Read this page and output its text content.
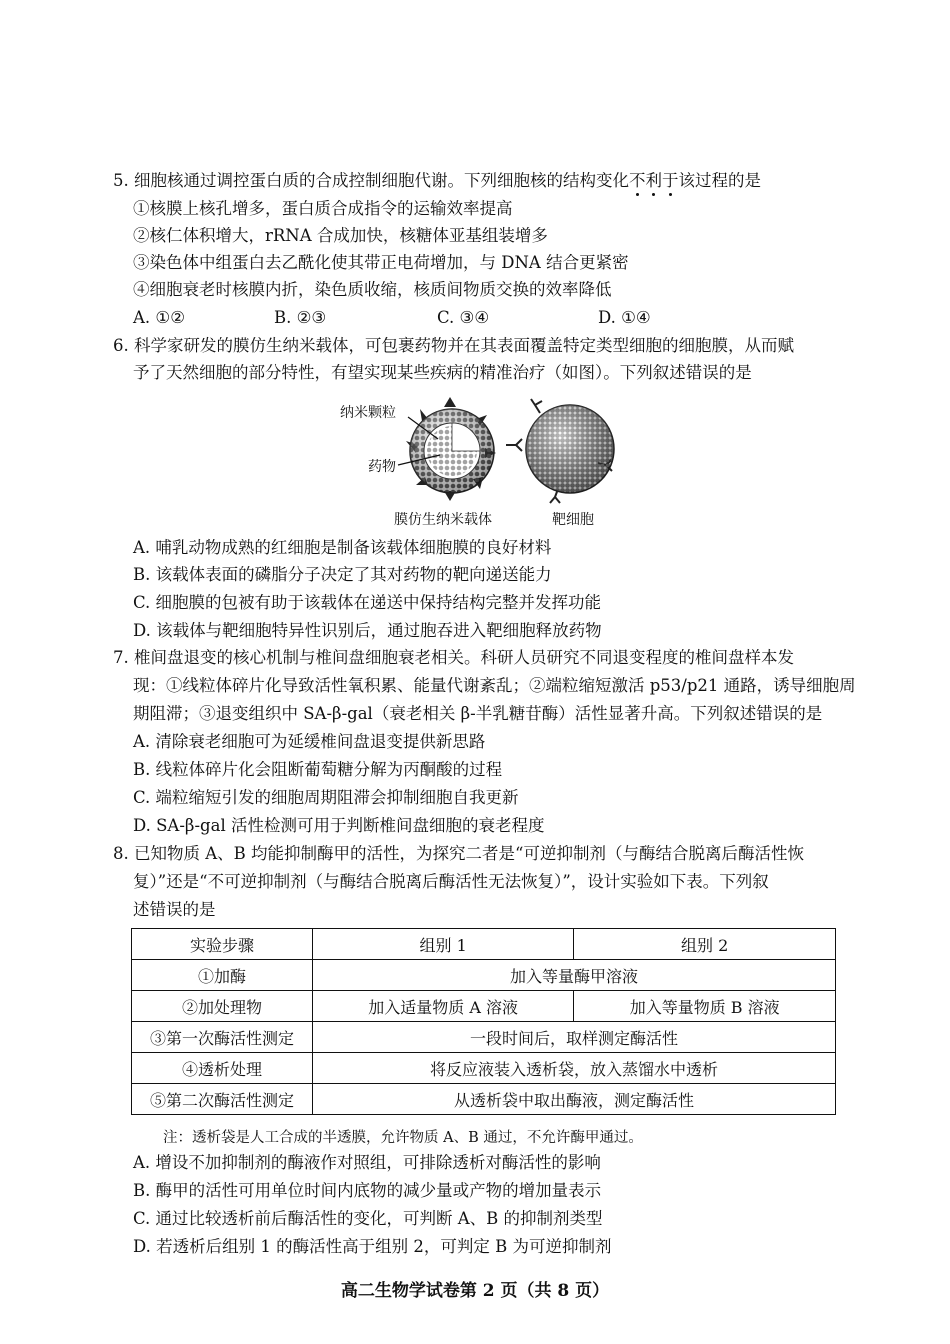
5. 细胞核通过调控蛋白质的合成控制细胞代谢。下列细胞核的结构变化不利于该过程的是
①核膜上核孔增多，蛋白质合成指令的运输效率提高
②核仁体积增大，rRNA 合成加快，核糖体亚基组装增多
③染色体中组蛋白去乙酰化使其带正电荷增加，与 DNA 结合更紧密
④细胞衰老时核膜内折，染色质收缩，核质间物质交换的效率降低
A. ①②	B. ②③	C. ③④	D. ①④
6. 科学家研发的膜仿生纳米载体，可包裹药物并在其表面覆盖特定类型细胞的细胞膜，从而赋
予了天然细胞的部分特性，有望实现某些疾病的精准治疗（如图）。下列叙述错误的是
纳米颗粒
药物
膜仿生纳米载体	靶细胞
A. 哺乳动物成熟的红细胞是制备该载体细胞膜的良好材料
B. 该载体表面的磷脂分子决定了其对药物的靶向递送能力
C. 细胞膜的包被有助于该载体在递送中保持结构完整并发挥功能
D. 该载体与靶细胞特异性识别后，通过胞吞进入靶细胞释放药物
7. 椎间盘退变的核心机制与椎间盘细胞衰老相关。科研人员研究不同退变程度的椎间盘样本发
现：①线粒体碎片化导致活性氧积累、能量代谢紊乱；②端粒缩短激活 p53/p21 通路，诱导细胞周
期阻滞；③退变组织中 SA-β-gal（衰老相关 β-半乳糖苷酶）活性显著升高。下列叙述错误的是
A. 清除衰老细胞可为延缓椎间盘退变提供新思路
B. 线粒体碎片化会阻断葡萄糖分解为丙酮酸的过程
C. 端粒缩短引发的细胞周期阻滞会抑制细胞自我更新
D. SA-β-gal 活性检测可用于判断椎间盘细胞的衰老程度
8. 已知物质 A、B 均能抑制酶甲的活性，为探究二者是“可逆抑制剂（与酶结合脱离后酶活性恢
复）”还是“不可逆抑制剂（与酶结合脱离后酶活性无法恢复）”，设计实验如下表。下列叙
述错误的是
实验步骤	组别 1	组别 2
①加酶	加入等量酶甲溶液	
②加处理物	加入适量物质 A 溶液	加入等量物质 B 溶液
③第一次酶活性测定	一段时间后，取样测定酶活性	
④透析处理	将反应液装入透析袋，放入蒸馏水中透析	
⑤第二次酶活性测定	从透析袋中取出酶液，测定酶活性	
注：透析袋是人工合成的半透膜，允许物质 A、B 通过，不允许酶甲通过。
A. 增设不加抑制剂的酶液作对照组，可排除透析对酶活性的影响
B. 酶甲的活性可用单位时间内底物的减少量或产物的增加量表示
C. 通过比较透析前后酶活性的变化，可判断 A、B 的抑制剂类型
D. 若透析后组别 1 的酶活性高于组别 2，可判定 B 为可逆抑制剂
高二生物学试卷第 2 页（共 8 页）
